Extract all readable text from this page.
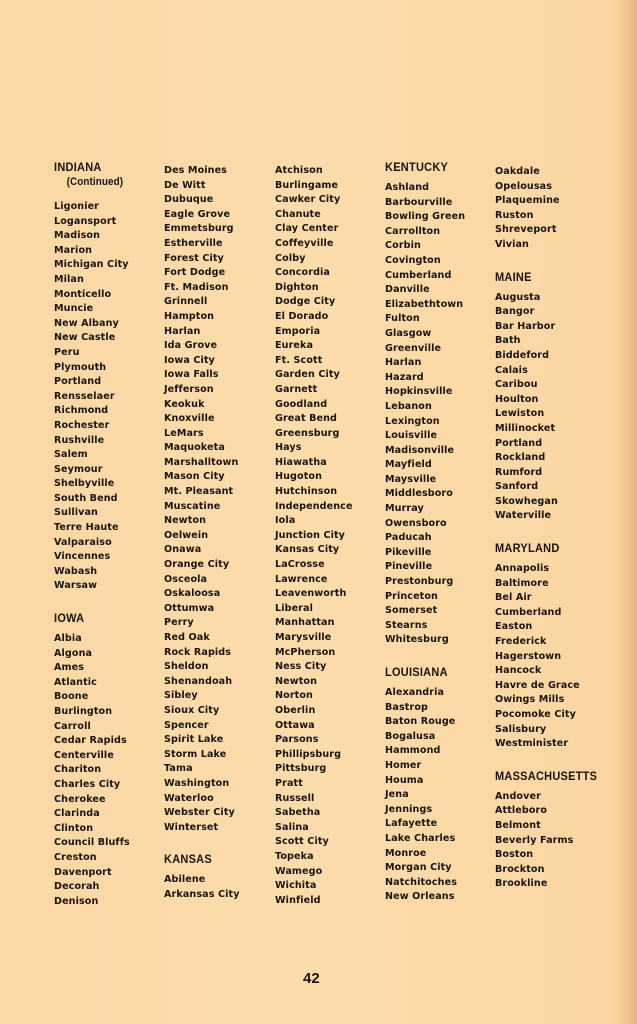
INDIANA
(Continued)
Ligonier
Logansport
Madison
Marion
Michigan City
Milan
Monticello
Muncie
New Albany
New Castle
Peru
Plymouth
Portland
Rensselaer
Richmond
Rochester
Rushville
Salem
Seymour
Shelbyville
South Bend
Sullivan
Terre Haute
Valparaiso
Vincennes
Wabash
Warsaw
IOWA
Albia
Algona
Ames
Atlantic
Boone
Burlington
Carroll
Cedar Rapids
Centerville
Chariton
Charles City
Cherokee
Clarinda
Clinton
Council Bluffs
Creston
Davenport
Decorah
Denison
Des Moines
De Witt
Dubuque
Eagle Grove
Emmetsburg
Estherville
Forest City
Fort Dodge
Ft. Madison
Grinnell
Hampton
Harlan
Ida Grove
Iowa City
Iowa Falls
Jefferson
Keokuk
Knoxville
LeMars
Maquoketa
Marshalltown
Mason City
Mt. Pleasant
Muscatine
Newton
Oelwein
Onawa
Orange City
Osceola
Oskaloosa
Ottumwa
Perry
Red Oak
Rock Rapids
Sheldon
Shenandoah
Sibley
Sioux City
Spencer
Spirit Lake
Storm Lake
Tama
Washington
Waterloo
Webster City
Winterset
KANSAS
Abilene
Arkansas City
Atchison
Burlingame
Cawker City
Chanute
Clay Center
Coffeyville
Colby
Concordia
Dighton
Dodge City
El Dorado
Emporia
Eureka
Ft. Scott
Garden City
Garnett
Goodland
Great Bend
Greensburg
Hays
Hiawatha
Hugoton
Hutchinson
Independence
Iola
Junction City
Kansas City
LaCrosse
Lawrence
Leavenworth
Liberal
Manhattan
Marysville
McPherson
Ness City
Newton
Norton
Oberlin
Ottawa
Parsons
Phillipsburg
Pittsburg
Pratt
Russell
Sabetha
Salina
Scott City
Topeka
Wamego
Wichita
Winfield
KENTUCKY
Ashland
Barbourville
Bowling Green
Carrollton
Corbin
Covington
Cumberland
Danville
Elizabethtown
Fulton
Glasgow
Greenville
Harlan
Hazard
Hopkinsville
Lebanon
Lexington
Louisville
Madisonville
Mayfield
Maysville
Middlesboro
Murray
Owensboro
Paducah
Pikeville
Pineville
Prestonburg
Princeton
Somerset
Stearns
Whitesburg
LOUISIANA
Alexandria
Bastrop
Baton Rouge
Bogalusa
Hammond
Homer
Houma
Jena
Jennings
Lafayette
Lake Charles
Monroe
Morgan City
Natchitoches
New Orleans
Oakdale
Opelousas
Plaquemine
Ruston
Shreveport
Vivian
MAINE
Augusta
Bangor
Bar Harbor
Bath
Biddeford
Calais
Caribou
Houlton
Lewiston
Millinocket
Portland
Rockland
Rumford
Sanford
Skowhegan
Waterville
MARYLAND
Annapolis
Baltimore
Bel Air
Cumberland
Easton
Frederick
Hagerstown
Hancock
Havre de Grace
Owings Mills
Pocomoke City
Salisbury
Westminister
MASSACHUSETTS
Andover
Attleboro
Belmont
Beverly Farms
Boston
Brockton
Brookline
42
